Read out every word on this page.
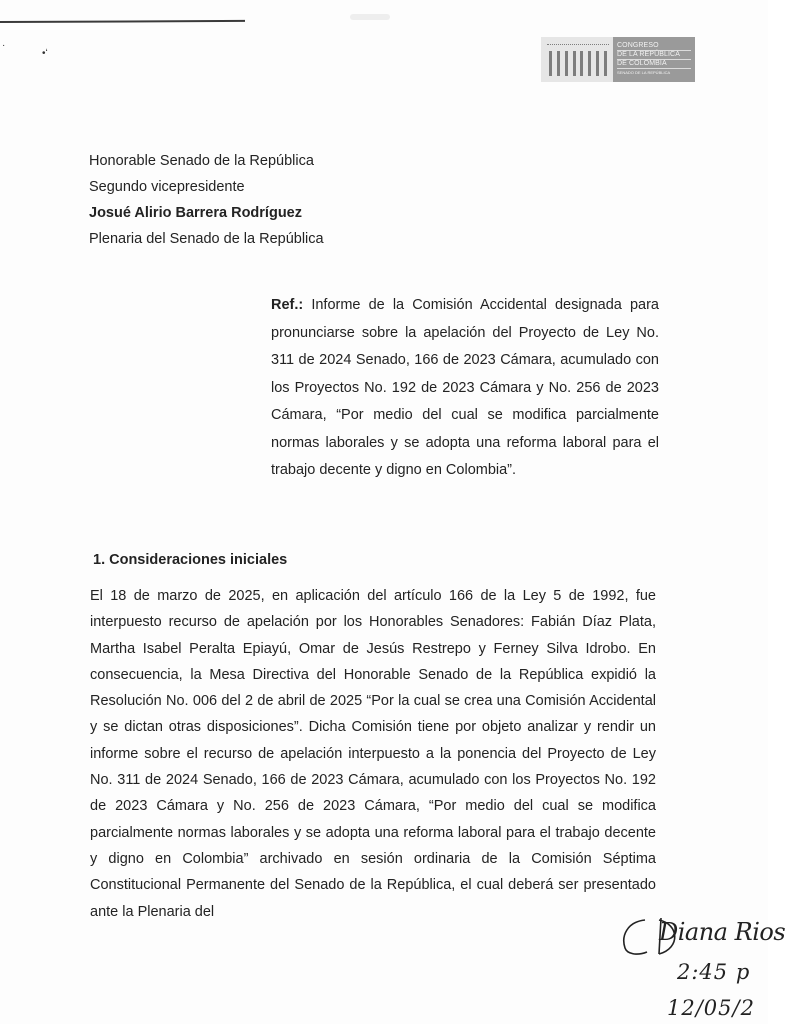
•ʻ
·	CONGRESO
DE LA REPÚBLICA
DE COLOMBIA
SENADO DE LA REPÚBLICA
Honorable Senado de la República
Segundo vicepresidente
Josué Alirio Barrera Rodríguez
Plenaria del Senado de la República
Ref.: Informe de la Comisión Accidental designada para pronunciarse sobre la apelación del Proyecto de Ley No. 311 de 2024 Senado, 166 de 2023 Cámara, acumulado con los Proyectos No. 192 de 2023 Cámara y No. 256 de 2023 Cámara, “Por medio del cual se modifica parcialmente normas laborales y se adopta una reforma laboral para el trabajo decente y digno en Colombia”.
1. Consideraciones iniciales
El 18 de marzo de 2025, en aplicación del artículo 166 de la Ley 5 de 1992, fue interpuesto recurso de apelación por los Honorables Senadores: Fabián Díaz Plata, Martha Isabel Peralta Epiayú, Omar de Jesús Restrepo y Ferney Silva Idrobo. En consecuencia, la Mesa Directiva del Honorable Senado de la República expidió la Resolución No. 006 del 2 de abril de 2025 “Por la cual se crea una Comisión Accidental y se dictan otras disposiciones”. Dicha Comisión tiene por objeto analizar y rendir un informe sobre el recurso de apelación interpuesto a la ponencia del Proyecto de Ley No. 311 de 2024 Senado, 166 de 2023 Cámara, acumulado con los Proyectos No. 192 de 2023 Cámara y No. 256 de 2023 Cámara, “Por medio del cual se modifica parcialmente normas laborales y se adopta una reforma laboral para el trabajo decente y digno en Colombia” archivado en sesión ordinaria de la Comisión Séptima Constitucional Permanente del Senado de la República, el cual deberá ser presentado ante la Plenaria del
Diana Rios
2:45 p
12/05/2
